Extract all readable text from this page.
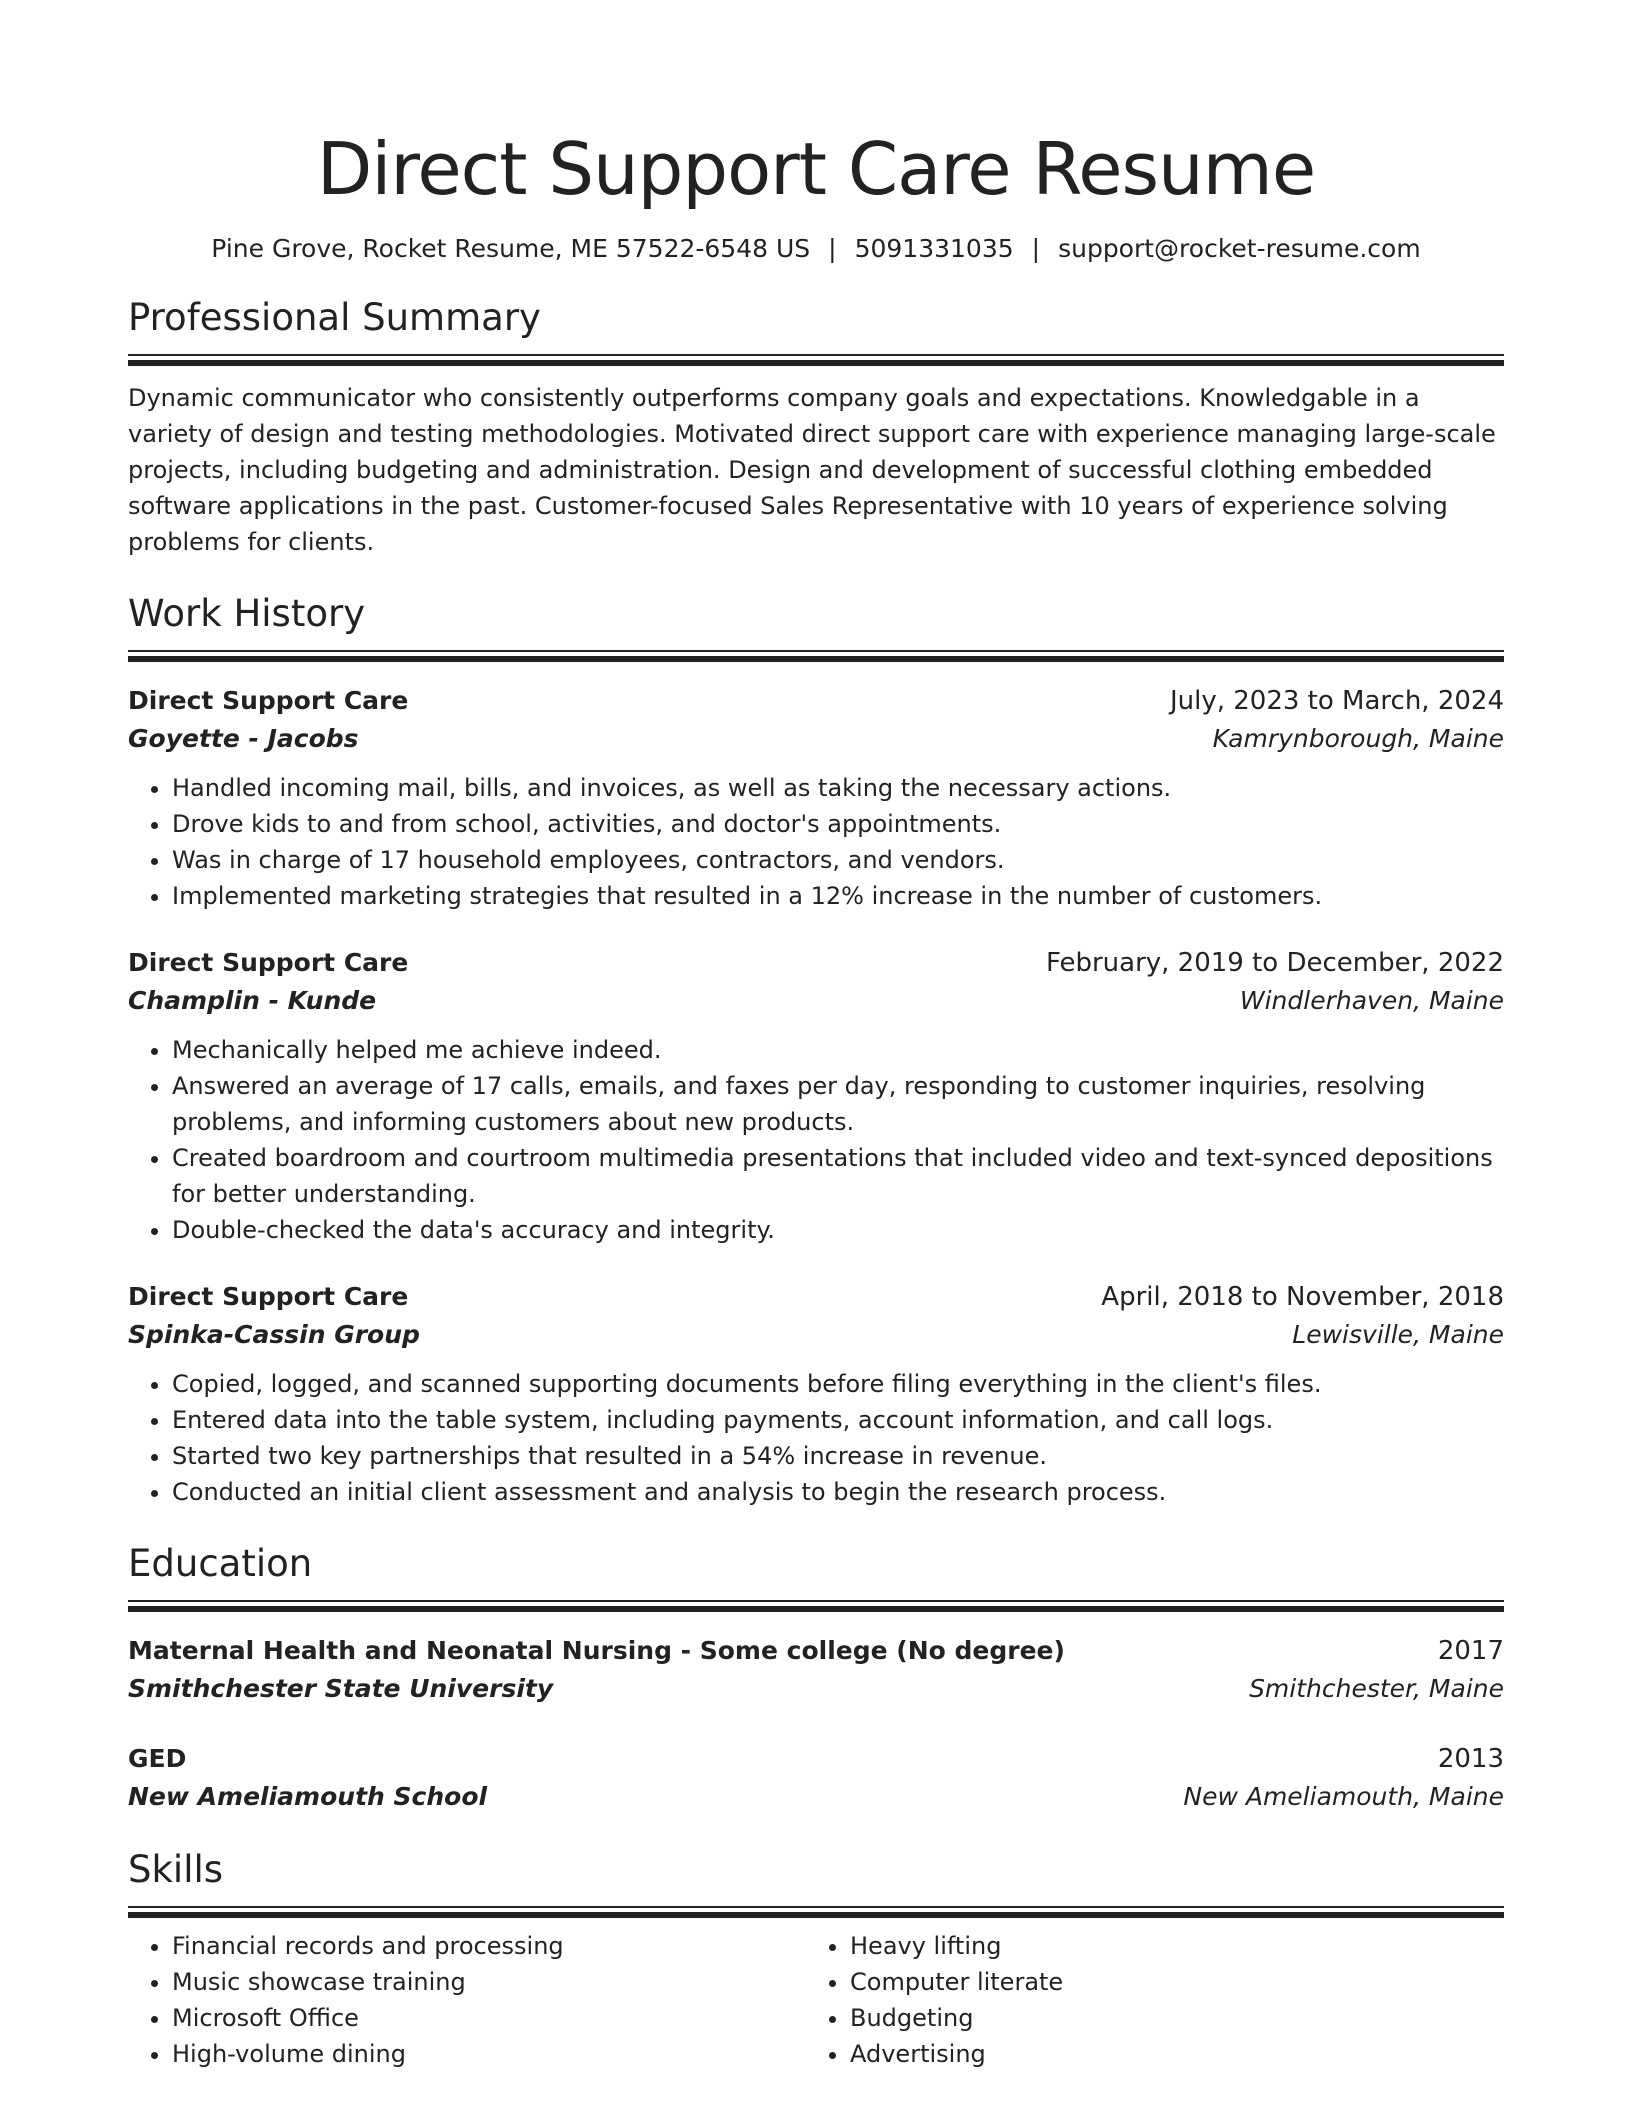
Direct Support Care Resume
Pine Grove, Rocket Resume, ME 57522-6548 US | 5091331035 | support@rocket-resume.com
Professional Summary
Dynamic communicator who consistently outperforms company goals and expectations. Knowledgable in a variety of design and testing methodologies. Motivated direct support care with experience managing large-scale projects, including budgeting and administration. Design and development of successful clothing embedded software applications in the past. Customer-focused Sales Representative with 10 years of experience solving problems for clients.
Work History
Direct Support Care	July, 2023 to March, 2024
Goyette - Jacobs	Kamrynborough, Maine
• Handled incoming mail, bills, and invoices, as well as taking the necessary actions.
• Drove kids to and from school, activities, and doctor's appointments.
• Was in charge of 17 household employees, contractors, and vendors.
• Implemented marketing strategies that resulted in a 12% increase in the number of customers.
Direct Support Care	February, 2019 to December, 2022
Champlin - Kunde	Windlerhaven, Maine
• Mechanically helped me achieve indeed.
• Answered an average of 17 calls, emails, and faxes per day, responding to customer inquiries, resolving problems, and informing customers about new products.
• Created boardroom and courtroom multimedia presentations that included video and text-synced depositions for better understanding.
• Double-checked the data's accuracy and integrity.
Direct Support Care	April, 2018 to November, 2018
Spinka-Cassin Group	Lewisville, Maine
• Copied, logged, and scanned supporting documents before filing everything in the client's files.
• Entered data into the table system, including payments, account information, and call logs.
• Started two key partnerships that resulted in a 54% increase in revenue.
• Conducted an initial client assessment and analysis to begin the research process.
Education
Maternal Health and Neonatal Nursing - Some college (No degree)	2017
Smithchester State University	Smithchester, Maine
GED	2013
New Ameliamouth School	New Ameliamouth, Maine
Skills
• Financial records and processing
• Music showcase training
• Microsoft Office
• High-volume dining
• Heavy lifting
• Computer literate
• Budgeting
• Advertising
